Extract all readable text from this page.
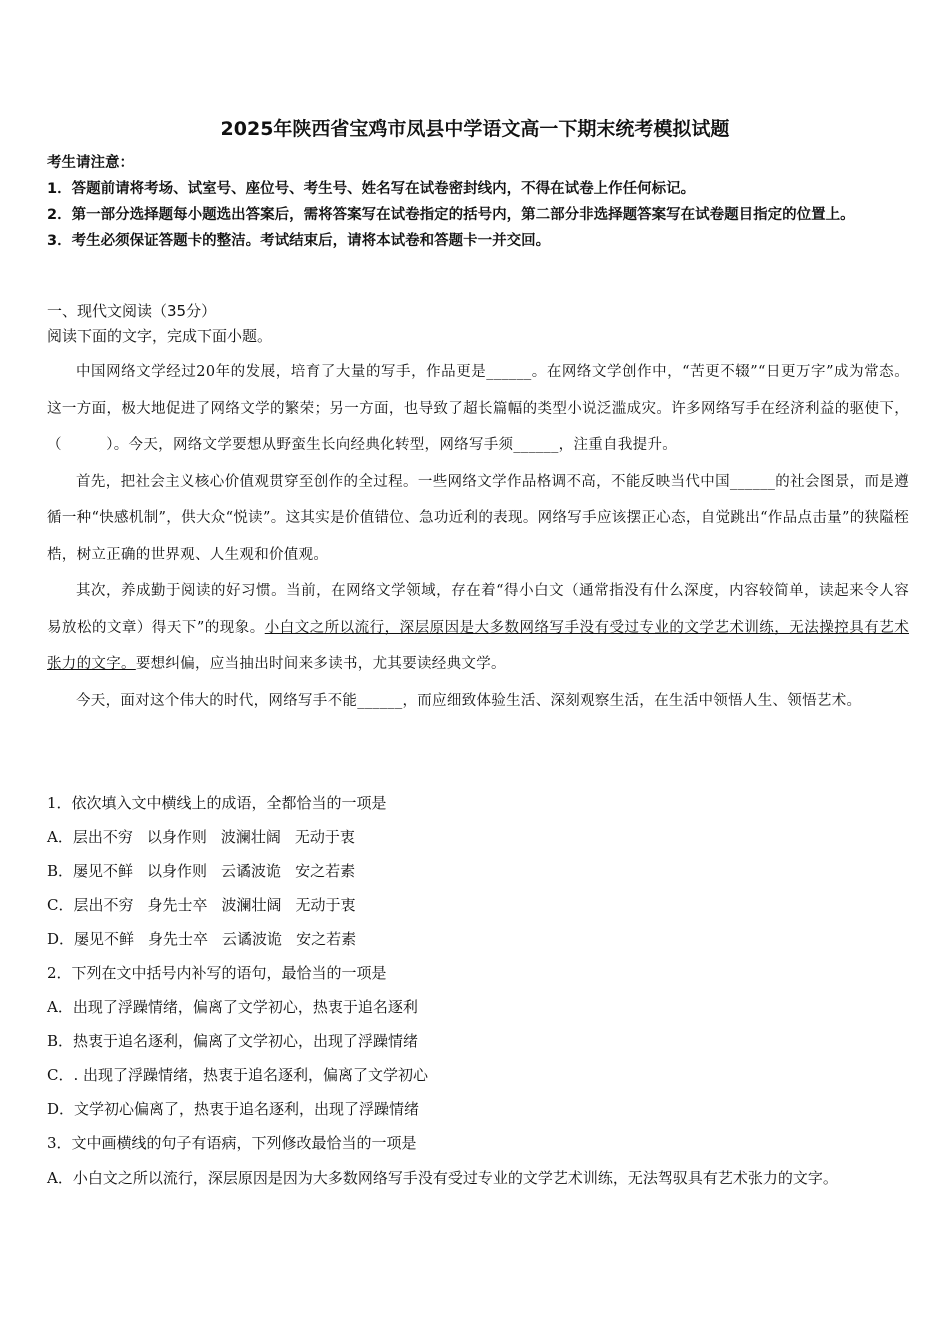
2025年陕西省宝鸡市凤县中学语文高一下期末统考模拟试题

考生请注意：

1．答题前请将考场、试室号、座位号、考生号、姓名写在试卷密封线内，不得在试卷上作任何标记。

2．第一部分选择题每小题选出答案后，需将答案写在试卷指定的括号内，第二部分非选择题答案写在试卷题目指定的位置上。

3．考生必须保证答题卡的整洁。考试结束后，请将本试卷和答题卡一并交回。

一、现代文阅读（35分）

阅读下面的文字，完成下面小题。

中国网络文学经过20年的发展，培育了大量的写手，作品更是______。在网络文学创作中，“苦更不辍”“日更万字”成为常态。这一方面，极大地促进了网络文学的繁荣；另一方面，也导致了超长篇幅的类型小说泛滥成灾。许多网络写手在经济利益的驱使下，（　　　）。今天，网络文学要想从野蛮生长向经典化转型，网络写手须______，注重自我提升。

首先，把社会主义核心价值观贯穿至创作的全过程。一些网络文学作品格调不高，不能反映当代中国______的社会图景，而是遵循一种“快感机制”，供大众“悦读”。这其实是价值错位、急功近利的表现。网络写手应该摆正心态，自觉跳出“作品点击量”的狭隘桎梏，树立正确的世界观、人生观和价值观。

其次，养成勤于阅读的好习惯。当前，在网络文学领域，存在着“得小白文（通常指没有什么深度，内容较简单，读起来令人容易放松的文章）得天下”的现象。小白文之所以流行，深层原因是大多数网络写手没有受过专业的文学艺术训练，无法操控具有艺术张力的文字。要想纠偏，应当抽出时间来多读书，尤其要读经典文学。

今天，面对这个伟大的时代，网络写手不能______，而应细致体验生活、深刻观察生活，在生活中领悟人生、领悟艺术。

1．依次填入文中横线上的成语，全都恰当的一项是

A．层出不穷 以身作则 波澜壮阔 无动于衷

B．屡见不鲜 以身作则 云谲波诡 安之若素

C．层出不穷 身先士卒 波澜壮阔 无动于衷

D．屡见不鲜 身先士卒 云谲波诡 安之若素

2．下列在文中括号内补写的语句，最恰当的一项是

A．出现了浮躁情绪，偏离了文学初心，热衷于追名逐利

B．热衷于追名逐利，偏离了文学初心，出现了浮躁情绪

C．. 出现了浮躁情绪，热衷于追名逐利，偏离了文学初心

D．文学初心偏离了，热衷于追名逐利，出现了浮躁情绪

3．文中画横线的句子有语病，下列修改最恰当的一项是

A．小白文之所以流行，深层原因是因为大多数网络写手没有受过专业的文学艺术训练，无法驾驭具有艺术张力的文字。
